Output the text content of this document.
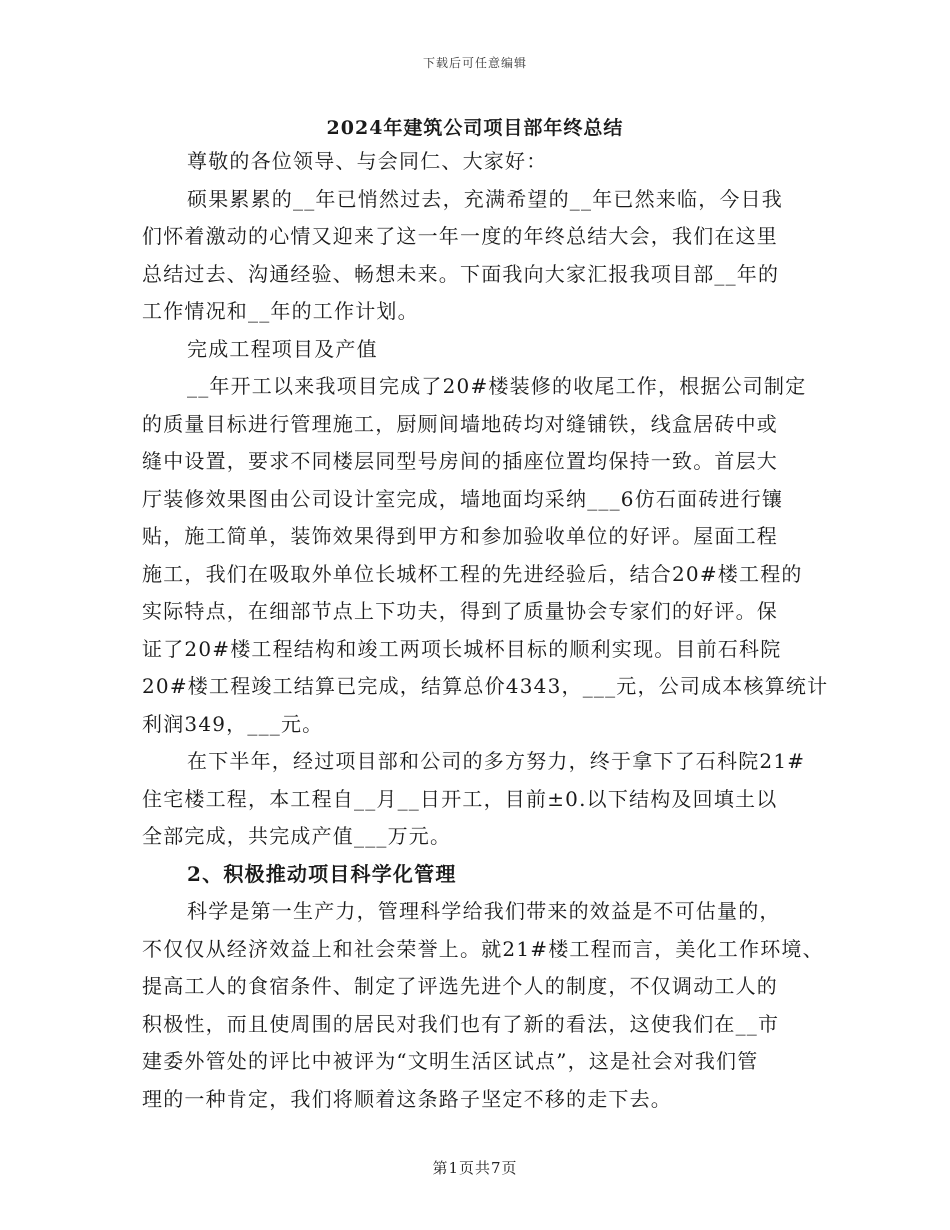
下载后可任意编辑
2024年建筑公司项目部年终总结
尊敬的各位领导、与会同仁、大家好：
硕果累累的__年已悄然过去，充满希望的__年已然来临，今日我
们怀着激动的心情又迎来了这一年一度的年终总结大会，我们在这里
总结过去、沟通经验、畅想未来。下面我向大家汇报我项目部__年的
工作情况和__年的工作计划。
完成工程项目及产值
__年开工以来我项目完成了20#楼装修的收尾工作，根据公司制定
的质量目标进行管理施工，厨厕间墙地砖均对缝铺铁，线盒居砖中或
缝中设置，要求不同楼层同型号房间的插座位置均保持一致。首层大
厅装修效果图由公司设计室完成，墙地面均采纳___6仿石面砖进行镶
贴，施工简单，装饰效果得到甲方和参加验收单位的好评。屋面工程
施工，我们在吸取外单位长城杯工程的先进经验后，结合20#楼工程的
实际特点，在细部节点上下功夫，得到了质量协会专家们的好评。保
证了20#楼工程结构和竣工两项长城杯目标的顺利实现。目前石科院
20#楼工程竣工结算已完成，结算总价4343，___元，公司成本核算统计
利润349，___元。
在下半年，经过项目部和公司的多方努力，终于拿下了石科院21#
住宅楼工程，本工程自__月__日开工，目前±0.以下结构及回填土以
全部完成，共完成产值___万元。
2、积极推动项目科学化管理
科学是第一生产力，管理科学给我们带来的效益是不可估量的，
不仅仅从经济效益上和社会荣誉上。就21#楼工程而言，美化工作环境、
提高工人的食宿条件、制定了评选先进个人的制度，不仅调动工人的
积极性，而且使周围的居民对我们也有了新的看法，这使我们在__市
建委外管处的评比中被评为“文明生活区试点”，这是社会对我们管
理的一种肯定，我们将顺着这条路子坚定不移的走下去。
第1页共7页
